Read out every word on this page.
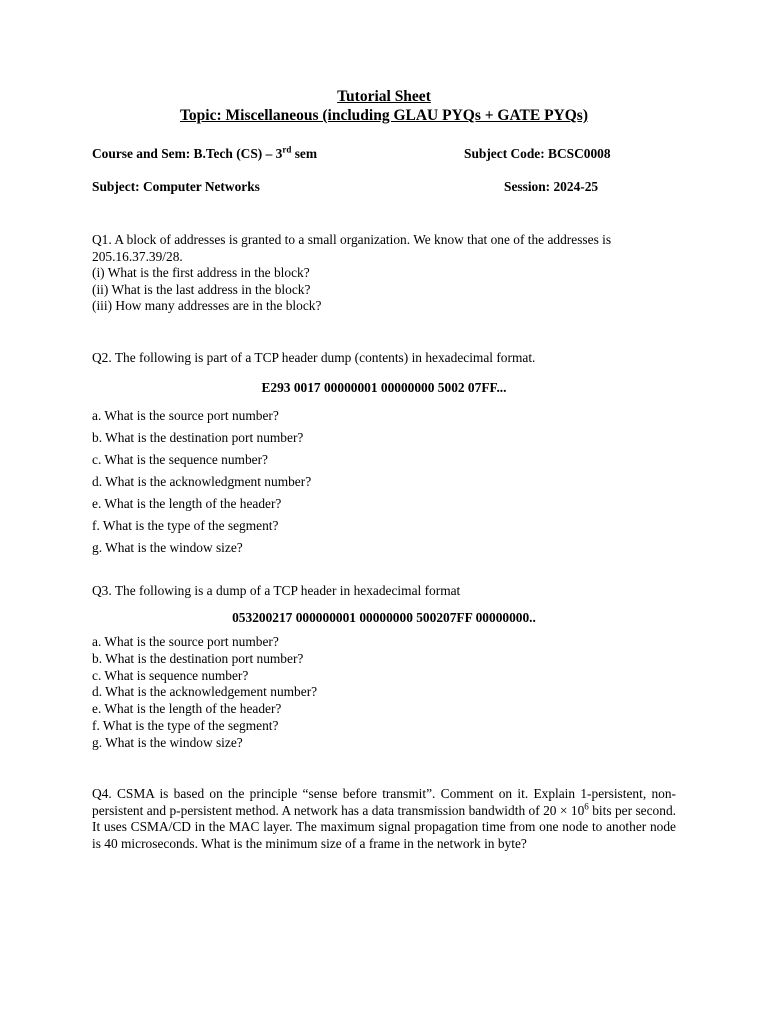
Tutorial Sheet
Topic: Miscellaneous (including GLAU PYQs + GATE PYQs)
Course and Sem: B.Tech (CS) – 3rd sem	Subject Code: BCSC0008
Subject: Computer Networks	Session: 2024-25

Q1. A block of addresses is granted to a small organization. We know that one of the addresses is 205.16.37.39/28.

(i) What is the first address in the block?

(ii) What is the last address in the block?

(iii) How many addresses are in the block?

Q2. The following is part of a TCP header dump (contents) in hexadecimal format.
E293 0017 00000001 00000000 5002 07FF...
a. What is the source port number?
b. What is the destination port number?
c. What is the sequence number?
d. What is the acknowledgment number?
e. What is the length of the header?
f. What is the type of the segment?
g. What is the window size?
Q3. The following is a dump of a TCP header in hexadecimal format
053200217 000000001 00000000 500207FF 00000000..
a. What is the source port number?
b. What is the destination port number?
c. What is sequence number?
d. What is the acknowledgement number?
e. What is the length of the header?
f. What is the type of the segment?
g. What is the window size?
Q4. CSMA is based on the principle “sense before transmit”. Comment on it. Explain 1-persistent, non-persistent and p-persistent method. A network has a data transmission bandwidth of $20 \times 10^6$ bits per second. It uses CSMA/CD in the MAC layer. The maximum signal propagation time from one node to another node is 40 microseconds. What is the minimum size of a frame in the network in byte?
